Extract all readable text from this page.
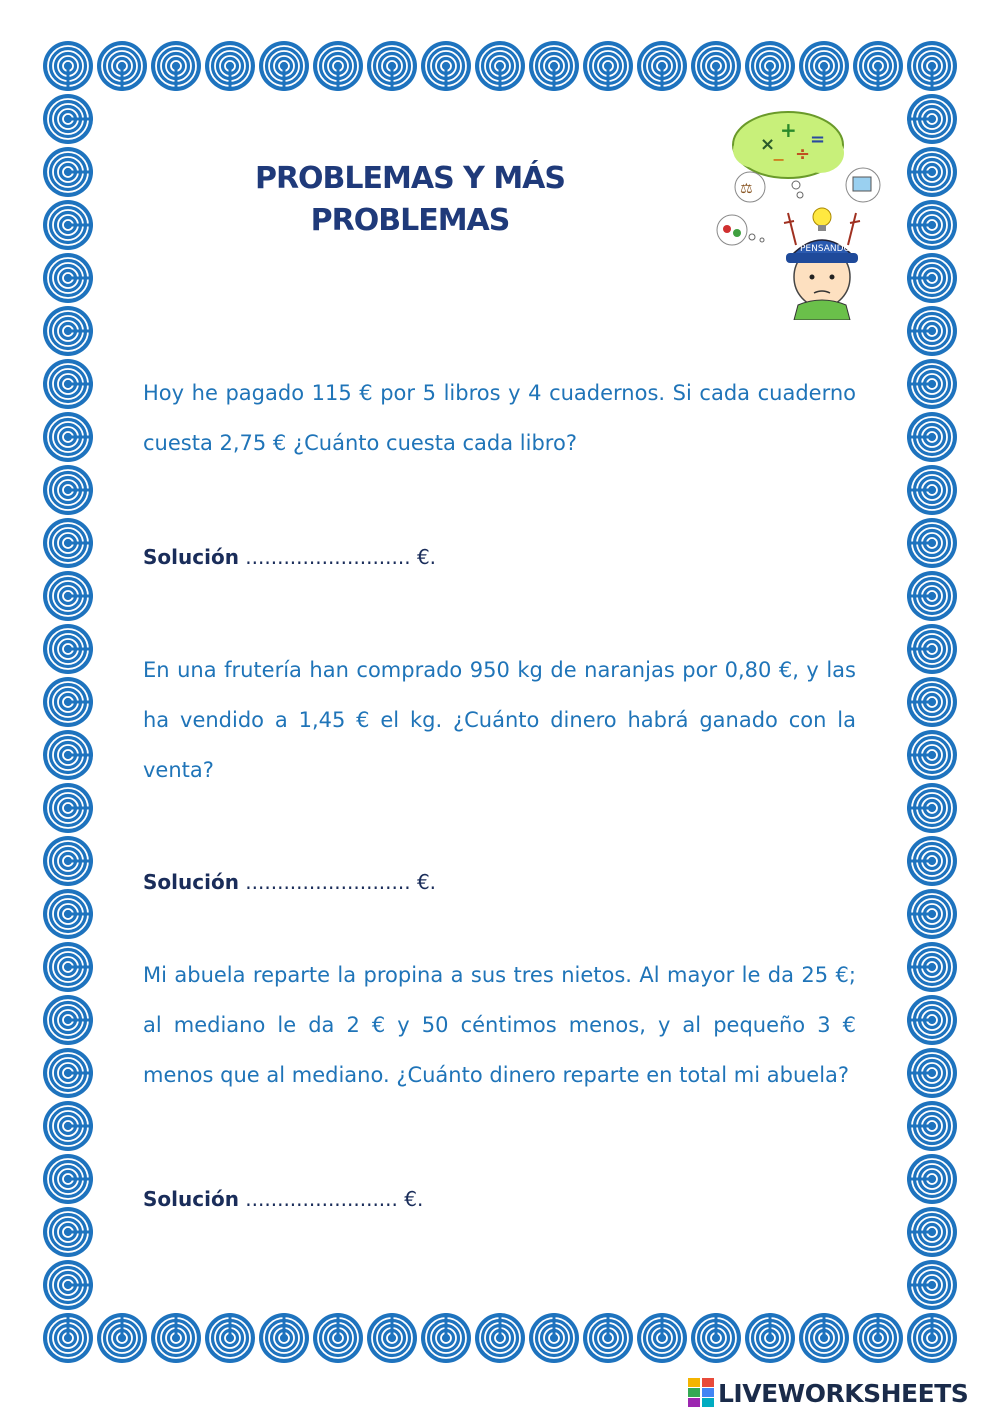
PROBLEMAS Y MÁS
PROBLEMAS
×
+
÷
=
−
⚖
PENSANDO

Hoy he pagado 115 € por 5 libros y 4 cuadernos. Si cada cuaderno cuesta 2,75 € ¿Cuánto cuesta cada libro?

Solución .......................... €.

En una frutería han comprado 950 kg de naranjas por 0,80 €, y las ha vendido a 1,45 € el kg. ¿Cuánto dinero habrá ganado con la venta?

Solución .......................... €.

Mi abuela reparte la propina a sus tres nietos. Al mayor le da 25 €; al mediano le da 2 € y 50 céntimos menos, y al pequeño 3 € menos que al mediano. ¿Cuánto dinero reparte en total mi abuela?

Solución ........................ €.

LIVEWORKSHEETS
